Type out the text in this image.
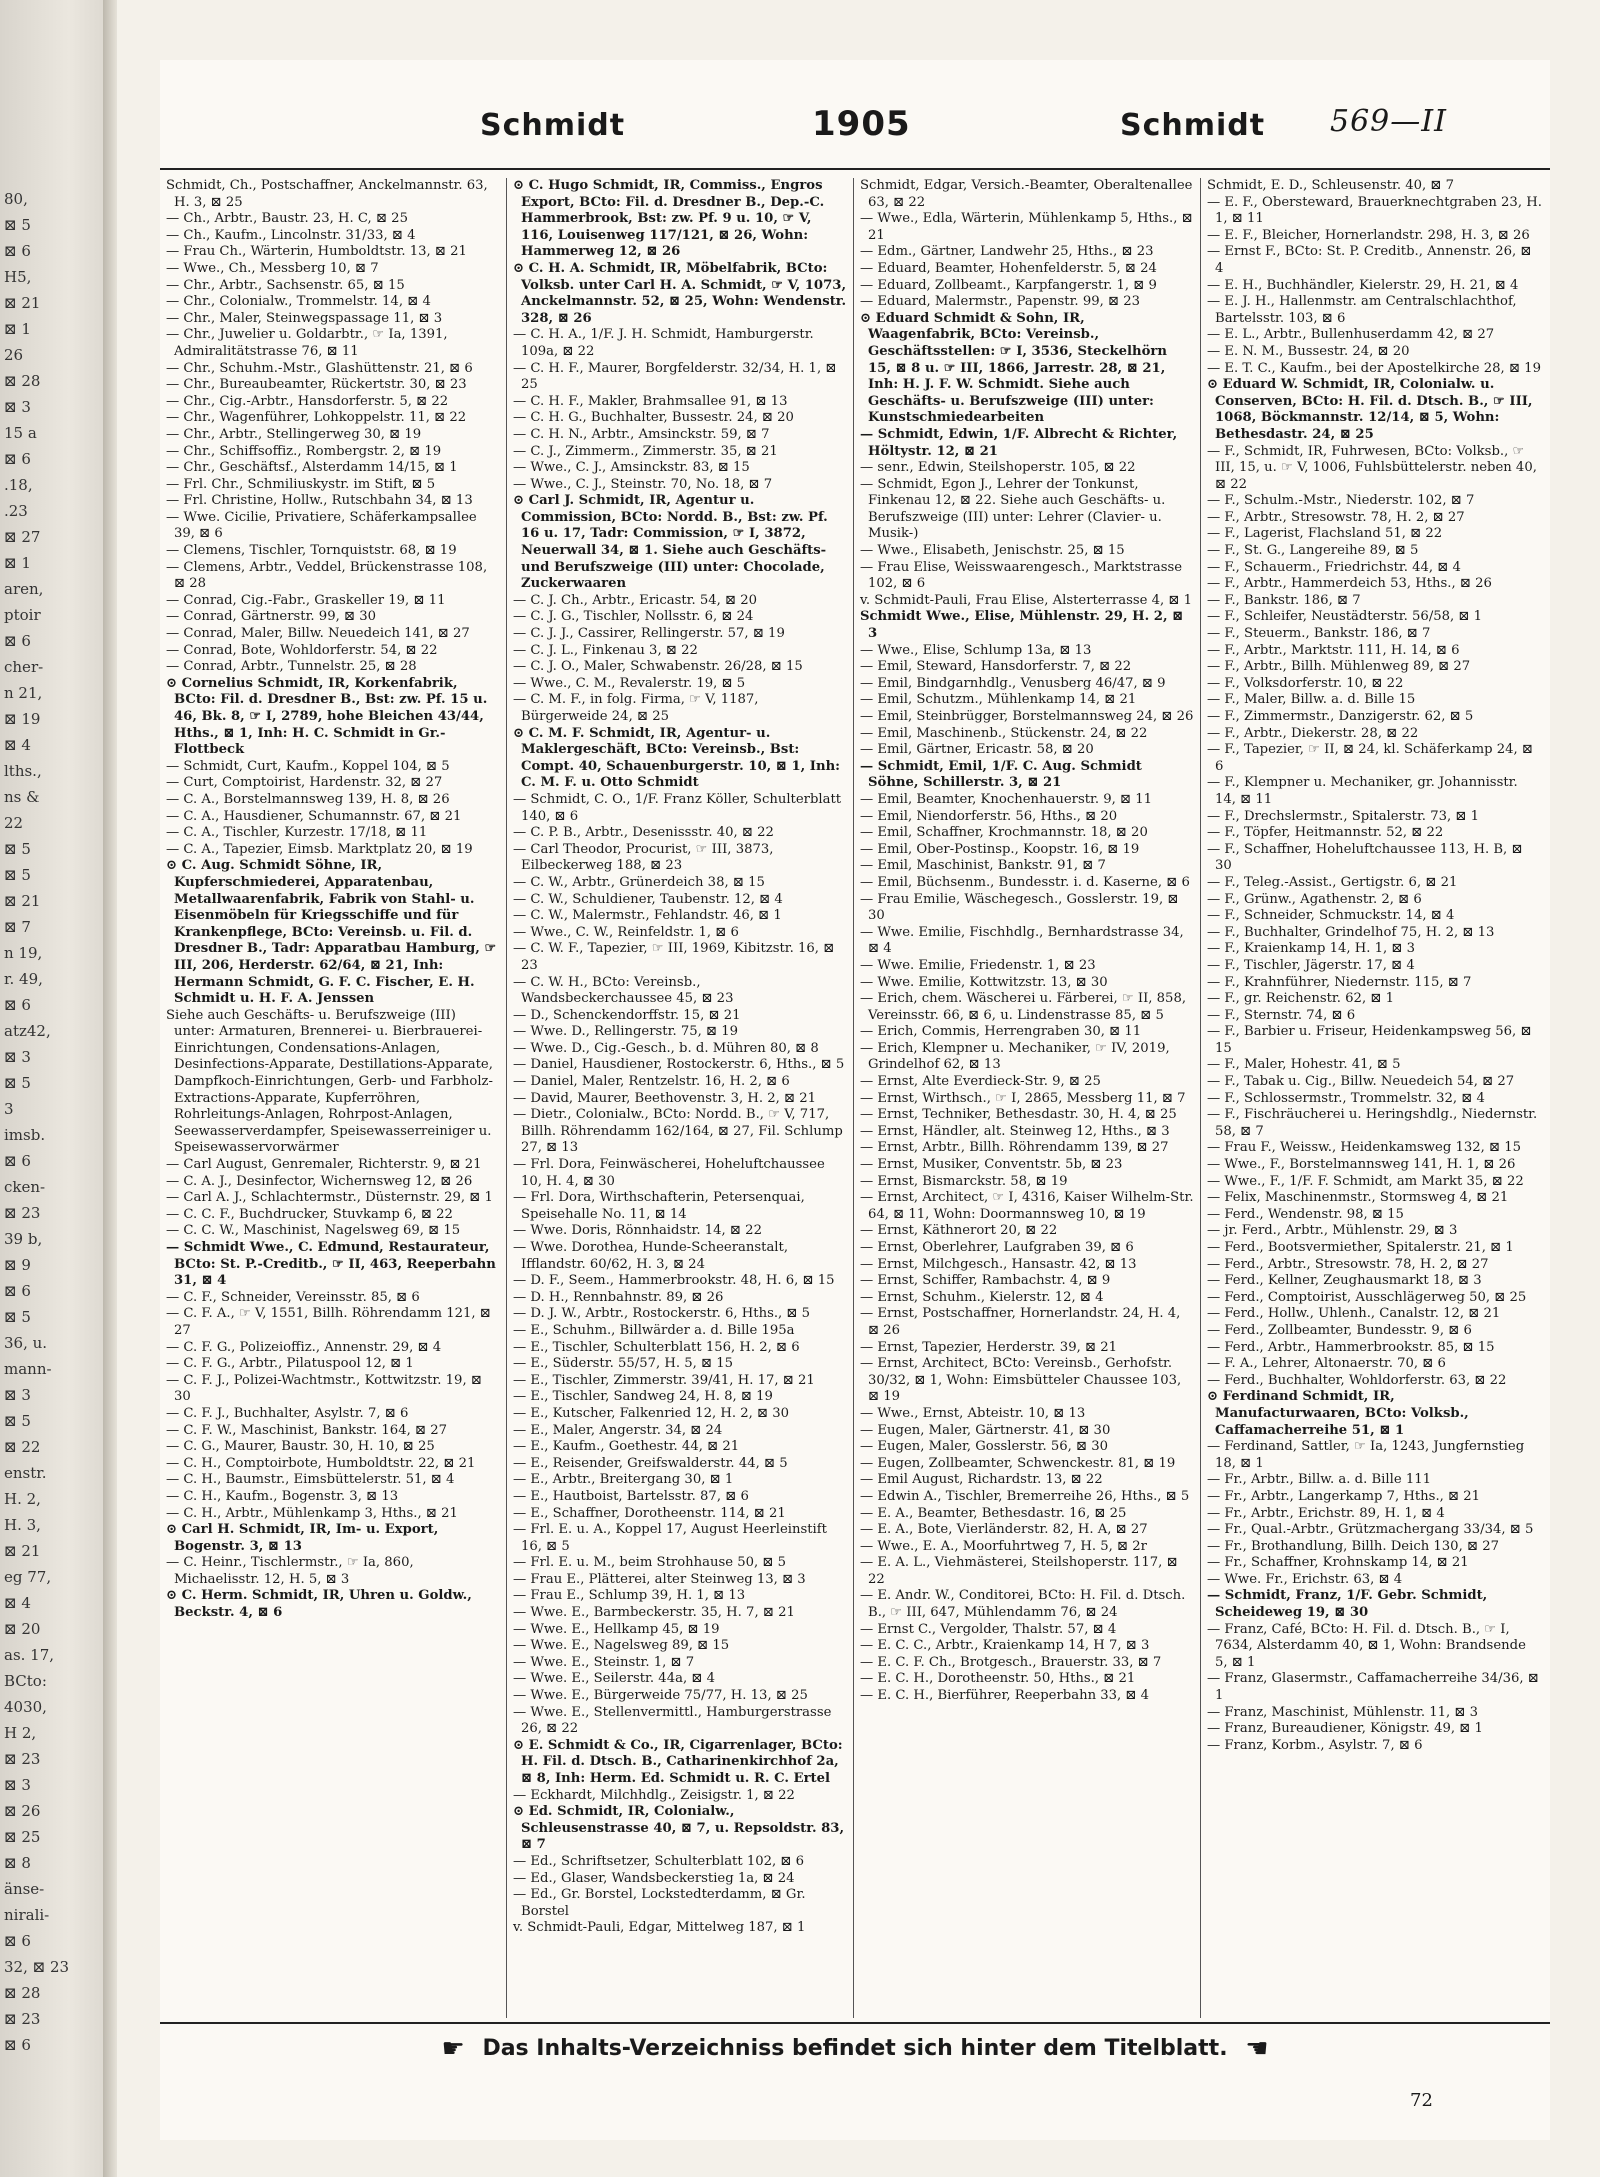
80,
⊠ 5
⊠ 6
H5,
⊠ 21
⊠ 1
26
⊠ 28
⊠ 3
15 a
⊠ 6
.18,
.23
⊠ 27
⊠ 1
aren,
ptoir
⊠ 6
cher-
n 21,
⊠ 19
⊠ 4
lths.,
ns &
22
⊠ 5
⊠ 5
⊠ 21
⊠ 7
n 19,
r. 49,
⊠ 6
atz42,
⊠ 3
⊠ 5
3
imsb.
⊠ 6
cken-
⊠ 23
39 b,
⊠ 9
⊠ 6
⊠ 5
36, u.
mann-
⊠ 3
⊠ 5
⊠ 22
enstr.
H. 2,
H. 3,
⊠ 21
eg 77,
⊠ 4
⊠ 20
as. 17,
BCto:
4030,
H 2,
⊠ 23
⊠ 3
⊠ 26
⊠ 25
⊠ 8
änse-
nirali-
⊠ 6
32, ⊠ 23
⊠ 28
⊠ 23
⊠ 6
Schmidt	1905	Schmidt 569—II

Schmidt, Ch., Postschaffner, Anckelmannstr. 63, H. 3, ⊠ 25

— Ch., Arbtr., Baustr. 23, H. C, ⊠ 25

— Ch., Kaufm., Lincolnstr. 31/33, ⊠ 4

— Frau Ch., Wärterin, Humboldtstr. 13, ⊠ 21

— Wwe., Ch., Messberg 10, ⊠ 7

— Chr., Arbtr., Sachsenstr. 65, ⊠ 15

— Chr., Colonialw., Trommelstr. 14, ⊠ 4

— Chr., Maler, Steinwegspassage 11, ⊠ 3

— Chr., Juwelier u. Goldarbtr., ☞ Ia, 1391, Admiralitätstrasse 76, ⊠ 11

— Chr., Schuhm.-Mstr., Glashüttenstr. 21, ⊠ 6

— Chr., Bureaubeamter, Rückertstr. 30, ⊠ 23

— Chr., Cig.-Arbtr., Hansdorferstr. 5, ⊠ 22

— Chr., Wagenführer, Lohkoppelstr. 11, ⊠ 22

— Chr., Arbtr., Stellingerweg 30, ⊠ 19

— Chr., Schiffsoffiz., Rombergstr. 2, ⊠ 19

— Chr., Geschäftsf., Alsterdamm 14/15, ⊠ 1

— Frl. Chr., Schmiliuskystr. im Stift, ⊠ 5

— Frl. Christine, Hollw., Rutschbahn 34, ⊠ 13

— Wwe. Cicilie, Privatiere, Schäferkampsallee 39, ⊠ 6

— Clemens, Tischler, Tornquiststr. 68, ⊠ 19

— Clemens, Arbtr., Veddel, Brückenstrasse 108, ⊠ 28

— Conrad, Cig.-Fabr., Graskeller 19, ⊠ 11

— Conrad, Gärtnerstr. 99, ⊠ 30

— Conrad, Maler, Billw. Neuedeich 141, ⊠ 27

— Conrad, Bote, Wohldorferstr. 54, ⊠ 22

— Conrad, Arbtr., Tunnelstr. 25, ⊠ 28

⊙ Cornelius Schmidt, IR, Korkenfabrik, BCto: Fil. d. Dresdner B., Bst: zw. Pf. 15 u. 46, Bk. 8, ☞ I, 2789, hohe Bleichen 43/44, Hths., ⊠ 1, Inh: H. C. Schmidt in Gr.-Flottbeck

— Schmidt, Curt, Kaufm., Koppel 104, ⊠ 5

— Curt, Comptoirist, Hardenstr. 32, ⊠ 27

— C. A., Borstelmannsweg 139, H. 8, ⊠ 26

— C. A., Hausdiener, Schumannstr. 67, ⊠ 21

— C. A., Tischler, Kurzestr. 17/18, ⊠ 11

— C. A., Tapezier, Eimsb. Marktplatz 20, ⊠ 19

⊙ C. Aug. Schmidt Söhne, IR, Kupferschmiederei, Apparatenbau, Metallwaarenfabrik, Fabrik von Stahl- u. Eisenmöbeln für Kriegsschiffe und für Krankenpflege, BCto: Vereinsb. u. Fil. d. Dresdner B., Tadr: Apparatbau Hamburg, ☞ III, 206, Herderstr. 62/64, ⊠ 21, Inh: Hermann Schmidt, G. F. C. Fischer, E. H. Schmidt u. H. F. A. Jenssen

Siehe auch Geschäfts- u. Berufszweige (III) unter: Armaturen, Brennerei- u. Bierbrauerei-Einrichtungen, Condensations-Anlagen, Desinfections-Apparate, Destillations-Apparate, Dampfkoch-Einrichtungen, Gerb- und Farbholz-Extractions-Apparate, Kupferröhren, Rohrleitungs-Anlagen, Rohrpost-Anlagen, Seewasserverdampfer, Speisewasserreiniger u. Speisewasservorwärmer

— Carl August, Genremaler, Richterstr. 9, ⊠ 21

— C. A. J., Desinfector, Wichernsweg 12, ⊠ 26

— Carl A. J., Schlachtermstr., Düsternstr. 29, ⊠ 1

— C. C. F., Buchdrucker, Stuvkamp 6, ⊠ 22

— C. C. W., Maschinist, Nagelsweg 69, ⊠ 15

— Schmidt Wwe., C. Edmund, Restaurateur, BCto: St. P.-Creditb., ☞ II, 463, Reeperbahn 31, ⊠ 4

— C. F., Schneider, Vereinsstr. 85, ⊠ 6

— C. F. A., ☞ V, 1551, Billh. Röhrendamm 121, ⊠ 27

— C. F. G., Polizeioffiz., Annenstr. 29, ⊠ 4

— C. F. G., Arbtr., Pilatuspool 12, ⊠ 1

— C. F. J., Polizei-Wachtmstr., Kottwitzstr. 19, ⊠ 30

— C. F. J., Buchhalter, Asylstr. 7, ⊠ 6

— C. F. W., Maschinist, Bankstr. 164, ⊠ 27

— C. G., Maurer, Baustr. 30, H. 10, ⊠ 25

— C. H., Comptoirbote, Humboldtstr. 22, ⊠ 21

— C. H., Baumstr., Eimsbüttelerstr. 51, ⊠ 4

— C. H., Kaufm., Bogenstr. 3, ⊠ 13

— C. H., Arbtr., Mühlenkamp 3, Hths., ⊠ 21

⊙ Carl H. Schmidt, IR, Im- u. Export, Bogenstr. 3, ⊠ 13

— C. Heinr., Tischlermstr., ☞ Ia, 860, Michaelisstr. 12, H. 5, ⊠ 3

⊙ C. Herm. Schmidt, IR, Uhren u. Goldw., Beckstr. 4, ⊠ 6

⊙ C. Hugo Schmidt, IR, Commiss., Engros Export, BCto: Fil. d. Dresdner B., Dep.-C. Hammerbrook, Bst: zw. Pf. 9 u. 10, ☞ V, 116, Louisenweg 117/121, ⊠ 26, Wohn: Hammerweg 12, ⊠ 26

⊙ C. H. A. Schmidt, IR, Möbelfabrik, BCto: Volksb. unter Carl H. A. Schmidt, ☞ V, 1073, Anckelmannstr. 52, ⊠ 25, Wohn: Wendenstr. 328, ⊠ 26

— C. H. A., 1/F. J. H. Schmidt, Hamburgerstr. 109a, ⊠ 22

— C. H. F., Maurer, Borgfelderstr. 32/34, H. 1, ⊠ 25

— C. H. F., Makler, Brahmsallee 91, ⊠ 13

— C. H. G., Buchhalter, Bussestr. 24, ⊠ 20

— C. H. N., Arbtr., Amsinckstr. 59, ⊠ 7

— C. J., Zimmerm., Zimmerstr. 35, ⊠ 21

— Wwe., C. J., Amsinckstr. 83, ⊠ 15

— Wwe., C. J., Steinstr. 70, No. 18, ⊠ 7

⊙ Carl J. Schmidt, IR, Agentur u. Commission, BCto: Nordd. B., Bst: zw. Pf. 16 u. 17, Tadr: Commission, ☞ I, 3872, Neuerwall 34, ⊠ 1. Siehe auch Geschäfts- und Berufszweige (III) unter: Chocolade, Zuckerwaaren

— C. J. Ch., Arbtr., Ericastr. 54, ⊠ 20

— C. J. G., Tischler, Nollsstr. 6, ⊠ 24

— C. J. J., Cassirer, Rellingerstr. 57, ⊠ 19

— C. J. L., Finkenau 3, ⊠ 22

— C. J. O., Maler, Schwabenstr. 26/28, ⊠ 15

— Wwe., C. M., Revalerstr. 19, ⊠ 5

— C. M. F., in folg. Firma, ☞ V, 1187, Bürgerweide 24, ⊠ 25

⊙ C. M. F. Schmidt, IR, Agentur- u. Maklergeschäft, BCto: Vereinsb., Bst: Compt. 40, Schauenburgerstr. 10, ⊠ 1, Inh: C. M. F. u. Otto Schmidt

— Schmidt, C. O., 1/F. Franz Köller, Schulterblatt 140, ⊠ 6

— C. P. B., Arbtr., Desenissstr. 40, ⊠ 22

— Carl Theodor, Procurist, ☞ III, 3873, Eilbeckerweg 188, ⊠ 23

— C. W., Arbtr., Grünerdeich 38, ⊠ 15

— C. W., Schuldiener, Taubenstr. 12, ⊠ 4

— C. W., Malermstr., Fehlandstr. 46, ⊠ 1

— Wwe., C. W., Reinfeldstr. 1, ⊠ 6

— C. W. F., Tapezier, ☞ III, 1969, Kibitzstr. 16, ⊠ 23

— C. W. H., BCto: Vereinsb., Wandsbeckerchaussee 45, ⊠ 23

— D., Schenckendorffstr. 15, ⊠ 21

— Wwe. D., Rellingerstr. 75, ⊠ 19

— Wwe. D., Cig.-Gesch., b. d. Mühren 80, ⊠ 8

— Daniel, Hausdiener, Rostockerstr. 6, Hths., ⊠ 5

— Daniel, Maler, Rentzelstr. 16, H. 2, ⊠ 6

— David, Maurer, Beethovenstr. 3, H. 2, ⊠ 21

— Dietr., Colonialw., BCto: Nordd. B., ☞ V, 717, Billh. Röhrendamm 162/164, ⊠ 27, Fil. Schlump 27, ⊠ 13

— Frl. Dora, Feinwäscherei, Hoheluftchaussee 10, H. 4, ⊠ 30

— Frl. Dora, Wirthschafterin, Petersenquai, Speisehalle No. 11, ⊠ 14

— Wwe. Doris, Rönnhaidstr. 14, ⊠ 22

— Wwe. Dorothea, Hunde-Scheeranstalt, Ifflandstr. 60/62, H. 3, ⊠ 24

— D. F., Seem., Hammerbrookstr. 48, H. 6, ⊠ 15

— D. H., Rennbahnstr. 89, ⊠ 26

— D. J. W., Arbtr., Rostockerstr. 6, Hths., ⊠ 5

— E., Schuhm., Billwärder a. d. Bille 195a

— E., Tischler, Schulterblatt 156, H. 2, ⊠ 6

— E., Süderstr. 55/57, H. 5, ⊠ 15

— E., Tischler, Zimmerstr. 39/41, H. 17, ⊠ 21

— E., Tischler, Sandweg 24, H. 8, ⊠ 19

— E., Kutscher, Falkenried 12, H. 2, ⊠ 30

— E., Maler, Angerstr. 34, ⊠ 24

— E., Kaufm., Goethestr. 44, ⊠ 21

— E., Reisender, Greifswalderstr. 44, ⊠ 5

— E., Arbtr., Breitergang 30, ⊠ 1

— E., Hautboist, Bartelsstr. 87, ⊠ 6

— E., Schaffner, Dorotheenstr. 114, ⊠ 21

— Frl. E. u. A., Koppel 17, August Heerleinstift 16, ⊠ 5

— Frl. E. u. M., beim Strohhause 50, ⊠ 5

— Frau E., Plätterei, alter Steinweg 13, ⊠ 3

— Frau E., Schlump 39, H. 1, ⊠ 13

— Wwe. E., Barmbeckerstr. 35, H. 7, ⊠ 21

— Wwe. E., Hellkamp 45, ⊠ 19

— Wwe. E., Nagelsweg 89, ⊠ 15

— Wwe. E., Steinstr. 1, ⊠ 7

— Wwe. E., Seilerstr. 44a, ⊠ 4

— Wwe. E., Bürgerweide 75/77, H. 13, ⊠ 25

— Wwe. E., Stellenvermittl., Hamburgerstrasse 26, ⊠ 22

⊙ E. Schmidt & Co., IR, Cigarrenlager, BCto: H. Fil. d. Dtsch. B., Catharinenkirchhof 2a, ⊠ 8, Inh: Herm. Ed. Schmidt u. R. C. Ertel

— Eckhardt, Milchhdlg., Zeisigstr. 1, ⊠ 22

⊙ Ed. Schmidt, IR, Colonialw., Schleusenstrasse 40, ⊠ 7, u. Repsoldstr. 83, ⊠ 7

— Ed., Schriftsetzer, Schulterblatt 102, ⊠ 6

— Ed., Glaser, Wandsbeckerstieg 1a, ⊠ 24

— Ed., Gr. Borstel, Lockstedterdamm, ⊠ Gr. Borstel

v. Schmidt-Pauli, Edgar, Mittelweg 187, ⊠ 1

Schmidt, Edgar, Versich.-Beamter, Oberaltenallee 63, ⊠ 22

— Wwe., Edla, Wärterin, Mühlenkamp 5, Hths., ⊠ 21

— Edm., Gärtner, Landwehr 25, Hths., ⊠ 23

— Eduard, Beamter, Hohenfelderstr. 5, ⊠ 24

— Eduard, Zollbeamt., Karpfangerstr. 1, ⊠ 9

— Eduard, Malermstr., Papenstr. 99, ⊠ 23

⊙ Eduard Schmidt & Sohn, IR, Waagenfabrik, BCto: Vereinsb., Geschäftsstellen: ☞ I, 3536, Steckelhörn 15, ⊠ 8 u. ☞ III, 1866, Jarrestr. 28, ⊠ 21, Inh: H. J. F. W. Schmidt. Siehe auch Geschäfts- u. Berufszweige (III) unter: Kunstschmiedearbeiten

— Schmidt, Edwin, 1/F. Albrecht & Richter, Höltystr. 12, ⊠ 21

— senr., Edwin, Steilshoperstr. 105, ⊠ 22

— Schmidt, Egon J., Lehrer der Tonkunst, Finkenau 12, ⊠ 22. Siehe auch Geschäfts- u. Berufszweige (III) unter: Lehrer (Clavier- u. Musik-)

— Wwe., Elisabeth, Jenischstr. 25, ⊠ 15

— Frau Elise, Weisswaarengesch., Marktstrasse 102, ⊠ 6

v. Schmidt-Pauli, Frau Elise, Alsterterrasse 4, ⊠ 1

Schmidt Wwe., Elise, Mühlenstr. 29, H. 2, ⊠ 3

— Wwe., Elise, Schlump 13a, ⊠ 13

— Emil, Steward, Hansdorferstr. 7, ⊠ 22

— Emil, Bindgarnhdlg., Venusberg 46/47, ⊠ 9

— Emil, Schutzm., Mühlenkamp 14, ⊠ 21

— Emil, Steinbrügger, Borstelmannsweg 24, ⊠ 26

— Emil, Maschinenb., Stückenstr. 24, ⊠ 22

— Emil, Gärtner, Ericastr. 58, ⊠ 20

— Schmidt, Emil, 1/F. C. Aug. Schmidt Söhne, Schillerstr. 3, ⊠ 21

— Emil, Beamter, Knochenhauerstr. 9, ⊠ 11

— Emil, Niendorferstr. 56, Hths., ⊠ 20

— Emil, Schaffner, Krochmannstr. 18, ⊠ 20

— Emil, Ober-Postinsp., Koopstr. 16, ⊠ 19

— Emil, Maschinist, Bankstr. 91, ⊠ 7

— Emil, Büchsenm., Bundesstr. i. d. Kaserne, ⊠ 6

— Frau Emilie, Wäschegesch., Gosslerstr. 19, ⊠ 30

— Wwe. Emilie, Fischhdlg., Bernhardstrasse 34, ⊠ 4

— Wwe. Emilie, Friedenstr. 1, ⊠ 23

— Wwe. Emilie, Kottwitzstr. 13, ⊠ 30

— Erich, chem. Wäscherei u. Färberei, ☞ II, 858, Vereinsstr. 66, ⊠ 6, u. Lindenstrasse 85, ⊠ 5

— Erich, Commis, Herrengraben 30, ⊠ 11

— Erich, Klempner u. Mechaniker, ☞ IV, 2019, Grindelhof 62, ⊠ 13

— Ernst, Alte Everdieck-Str. 9, ⊠ 25

— Ernst, Wirthsch., ☞ I, 2865, Messberg 11, ⊠ 7

— Ernst, Techniker, Bethesdastr. 30, H. 4, ⊠ 25

— Ernst, Händler, alt. Steinweg 12, Hths., ⊠ 3

— Ernst, Arbtr., Billh. Röhrendamm 139, ⊠ 27

— Ernst, Musiker, Conventstr. 5b, ⊠ 23

— Ernst, Bismarckstr. 58, ⊠ 19

— Ernst, Architect, ☞ I, 4316, Kaiser Wilhelm-Str. 64, ⊠ 11, Wohn: Doormannsweg 10, ⊠ 19

— Ernst, Käthnerort 20, ⊠ 22

— Ernst, Oberlehrer, Laufgraben 39, ⊠ 6

— Ernst, Milchgesch., Hansastr. 42, ⊠ 13

— Ernst, Schiffer, Rambachstr. 4, ⊠ 9

— Ernst, Schuhm., Kielerstr. 12, ⊠ 4

— Ernst, Postschaffner, Hornerlandstr. 24, H. 4, ⊠ 26

— Ernst, Tapezier, Herderstr. 39, ⊠ 21

— Ernst, Architect, BCto: Vereinsb., Gerhofstr. 30/32, ⊠ 1, Wohn: Eimsbütteler Chaussee 103, ⊠ 19

— Wwe., Ernst, Abteistr. 10, ⊠ 13

— Eugen, Maler, Gärtnerstr. 41, ⊠ 30

— Eugen, Maler, Gosslerstr. 56, ⊠ 30

— Eugen, Zollbeamter, Schwenckestr. 81, ⊠ 19

— Emil August, Richardstr. 13, ⊠ 22

— Edwin A., Tischler, Bremerreihe 26, Hths., ⊠ 5

— E. A., Beamter, Bethesdastr. 16, ⊠ 25

— E. A., Bote, Vierländerstr. 82, H. A, ⊠ 27

— Wwe., E. A., Moorfuhrtweg 7, H. 5, ⊠ 2r

— E. A. L., Viehmästerei, Steilshoperstr. 117, ⊠ 22

— E. Andr. W., Conditorei, BCto: H. Fil. d. Dtsch. B., ☞ III, 647, Mühlendamm 76, ⊠ 24

— Ernst C., Vergolder, Thalstr. 57, ⊠ 4

— E. C. C., Arbtr., Kraienkamp 14, H 7, ⊠ 3

— E. C. F. Ch., Brotgesch., Brauerstr. 33, ⊠ 7

— E. C. H., Dorotheenstr. 50, Hths., ⊠ 21

— E. C. H., Bierführer, Reeperbahn 33, ⊠ 4

Schmidt, E. D., Schleusenstr. 40, ⊠ 7

— E. F., Obersteward, Brauerknechtgraben 23, H. 1, ⊠ 11

— E. F., Bleicher, Hornerlandstr. 298, H. 3, ⊠ 26

— Ernst F., BCto: St. P. Creditb., Annenstr. 26, ⊠ 4

— E. H., Buchhändler, Kielerstr. 29, H. 21, ⊠ 4

— E. J. H., Hallenmstr. am Centralschlachthof, Bartelsstr. 103, ⊠ 6

— E. L., Arbtr., Bullenhuserdamm 42, ⊠ 27

— E. N. M., Bussestr. 24, ⊠ 20

— E. T. C., Kaufm., bei der Apostelkirche 28, ⊠ 19

⊙ Eduard W. Schmidt, IR, Colonialw. u. Conserven, BCto: H. Fil. d. Dtsch. B., ☞ III, 1068, Böckmannstr. 12/14, ⊠ 5, Wohn: Bethesdastr. 24, ⊠ 25

— F., Schmidt, IR, Fuhrwesen, BCto: Volksb., ☞ III, 15, u. ☞ V, 1006, Fuhlsbüttelerstr. neben 40, ⊠ 22

— F., Schulm.-Mstr., Niederstr. 102, ⊠ 7

— F., Arbtr., Stresowstr. 78, H. 2, ⊠ 27

— F., Lagerist, Flachsland 51, ⊠ 22

— F., St. G., Langereihe 89, ⊠ 5

— F., Schauerm., Friedrichstr. 44, ⊠ 4

— F., Arbtr., Hammerdeich 53, Hths., ⊠ 26

— F., Bankstr. 186, ⊠ 7

— F., Schleifer, Neustädterstr. 56/58, ⊠ 1

— F., Steuerm., Bankstr. 186, ⊠ 7

— F., Arbtr., Marktstr. 111, H. 14, ⊠ 6

— F., Arbtr., Billh. Mühlenweg 89, ⊠ 27

— F., Volksdorferstr. 10, ⊠ 22

— F., Maler, Billw. a. d. Bille 15

— F., Zimmermstr., Danzigerstr. 62, ⊠ 5

— F., Arbtr., Diekerstr. 28, ⊠ 22

— F., Tapezier, ☞ II, ⊠ 24, kl. Schäferkamp 24, ⊠ 6

— F., Klempner u. Mechaniker, gr. Johannisstr. 14, ⊠ 11

— F., Drechslermstr., Spitalerstr. 73, ⊠ 1

— F., Töpfer, Heitmannstr. 52, ⊠ 22

— F., Schaffner, Hoheluftchaussee 113, H. B, ⊠ 30

— F., Teleg.-Assist., Gertigstr. 6, ⊠ 21

— F., Grünw., Agathenstr. 2, ⊠ 6

— F., Schneider, Schmuckstr. 14, ⊠ 4

— F., Buchhalter, Grindelhof 75, H. 2, ⊠ 13

— F., Kraienkamp 14, H. 1, ⊠ 3

— F., Tischler, Jägerstr. 17, ⊠ 4

— F., Krahnführer, Niedernstr. 115, ⊠ 7

— F., gr. Reichenstr. 62, ⊠ 1

— F., Sternstr. 74, ⊠ 6

— F., Barbier u. Friseur, Heidenkampsweg 56, ⊠ 15

— F., Maler, Hohestr. 41, ⊠ 5

— F., Tabak u. Cig., Billw. Neuedeich 54, ⊠ 27

— F., Schlossermstr., Trommelstr. 32, ⊠ 4

— F., Fischräucherei u. Heringshdlg., Niedernstr. 58, ⊠ 7

— Frau F., Weissw., Heidenkamsweg 132, ⊠ 15

— Wwe., F., Borstelmannsweg 141, H. 1, ⊠ 26

— Wwe., F., 1/F. F. Schmidt, am Markt 35, ⊠ 22

— Felix, Maschinenmstr., Stormsweg 4, ⊠ 21

— Ferd., Wendenstr. 98, ⊠ 15

— jr. Ferd., Arbtr., Mühlenstr. 29, ⊠ 3

— Ferd., Bootsvermiether, Spitalerstr. 21, ⊠ 1

— Ferd., Arbtr., Stresowstr. 78, H. 2, ⊠ 27

— Ferd., Kellner, Zeughausmarkt 18, ⊠ 3

— Ferd., Comptoirist, Ausschlägerweg 50, ⊠ 25

— Ferd., Hollw., Uhlenh., Canalstr. 12, ⊠ 21

— Ferd., Zollbeamter, Bundesstr. 9, ⊠ 6

— Ferd., Arbtr., Hammerbrookstr. 85, ⊠ 15

— F. A., Lehrer, Altonaerstr. 70, ⊠ 6

— Ferd., Buchhalter, Wohldorferstr. 63, ⊠ 22

⊙ Ferdinand Schmidt, IR, Manufacturwaaren, BCto: Volksb., Caffamacherreihe 51, ⊠ 1

— Ferdinand, Sattler, ☞ Ia, 1243, Jungfernstieg 18, ⊠ 1

— Fr., Arbtr., Billw. a. d. Bille 111

— Fr., Arbtr., Langerkamp 7, Hths., ⊠ 21

— Fr., Arbtr., Erichstr. 89, H. 1, ⊠ 4

— Fr., Qual.-Arbtr., Grützmachergang 33/34, ⊠ 5

— Fr., Brothandlung, Billh. Deich 130, ⊠ 27

— Fr., Schaffner, Krohnskamp 14, ⊠ 21

— Wwe. Fr., Erichstr. 63, ⊠ 4

— Schmidt, Franz, 1/F. Gebr. Schmidt, Scheideweg 19, ⊠ 30

— Franz, Café, BCto: H. Fil. d. Dtsch. B., ☞ I, 7634, Alsterdamm 40, ⊠ 1, Wohn: Brandsende 5, ⊠ 1

— Franz, Glasermstr., Caffamacherreihe 34/36, ⊠ 1

— Franz, Maschinist, Mühlenstr. 11, ⊠ 3

— Franz, Bureaudiener, Königstr. 49, ⊠ 1

— Franz, Korbm., Asylstr. 7, ⊠ 6

☛ Das Inhalts-Verzeichniss befindet sich hinter dem Titelblatt. ☚
72
